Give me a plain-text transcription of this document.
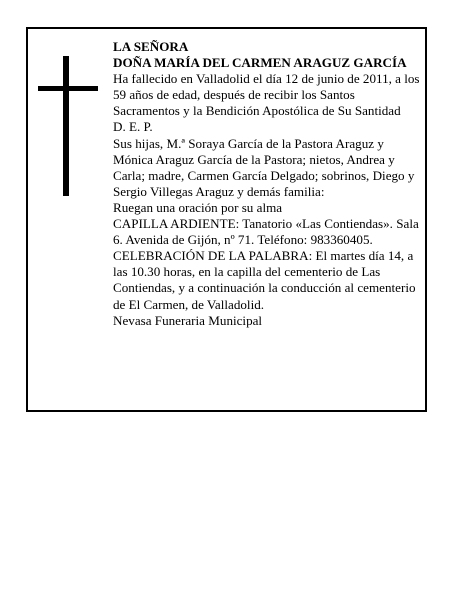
LA SEÑORA

DOÑA MARÍA DEL CARMEN ARAGUZ GARCÍA

Ha fallecido en Valladolid el día 12 de junio de 2011, a los 59 años de edad, después de recibir los Santos Sacramentos y la Bendición Apostólica de Su Santidad

D. E. P.

Sus hijas, M.ª Soraya García de la Pastora Araguz y Mónica Araguz García de la Pastora; nietos, Andrea y Carla; madre, Carmen García Delgado; sobrinos, Diego y Sergio Villegas Araguz y demás familia:

Ruegan una oración por su alma

CAPILLA ARDIENTE: Tanatorio «Las Contiendas». Sala 6. Avenida de Gijón, nº 71. Teléfono: 983360405.

CELEBRACIÓN DE LA PALABRA: El martes día 14, a las 10.30 horas, en la capilla del cementerio de Las Contiendas, y a continuación la conducción al cementerio de El Carmen, de Valladolid.

Nevasa Funeraria Municipal
